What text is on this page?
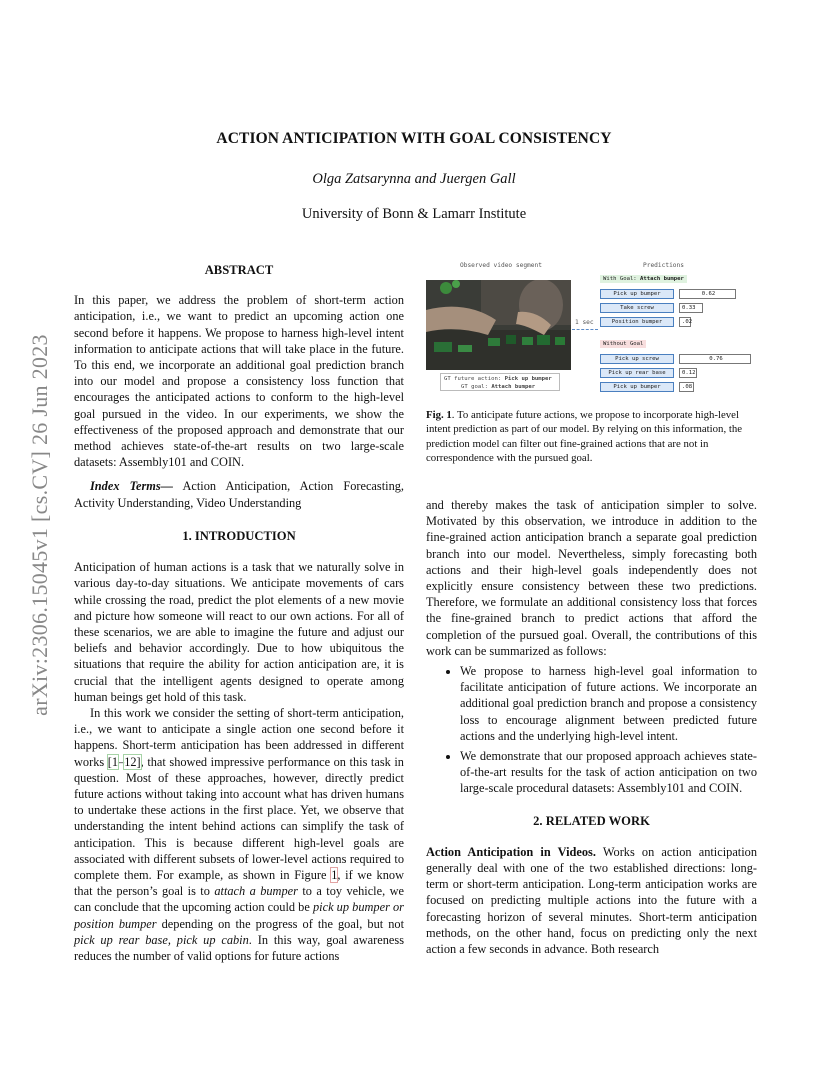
ACTION ANTICIPATION WITH GOAL CONSISTENCY
Olga Zatsarynna and Juergen Gall
University of Bonn & Lamarr Institute
arXiv:2306.15045v1 [cs.CV] 26 Jun 2023
ABSTRACT

In this paper, we address the problem of short-term action anticipation, i.e., we want to predict an upcoming action one second before it happens. We propose to harness high-level intent information to anticipate actions that will take place in the future. To this end, we incorporate an additional goal prediction branch into our model and propose a consistency loss function that encourages the anticipated actions to conform to the high-level goal pursued in the video. In our experiments, we show the effectiveness of the proposed approach and demonstrate that our method achieves state-of-the-art results on two large-scale datasets: Assembly101 and COIN.

Index Terms— Action Anticipation, Action Forecasting, Activity Understanding, Video Understanding

1. INTRODUCTION

Anticipation of human actions is a task that we naturally solve in various day-to-day situations. We anticipate movements of cars while crossing the road, predict the plot elements of a new movie and picture how someone will react to our own actions. For all of these scenarios, we are able to imagine the future and adjust our beliefs and behavior accordingly. Due to how ubiquitous the situations that require the ability for action anticipation are, it is crucial that the intelligent agents designed to operate among human beings get hold of this task.

In this work we consider the setting of short-term anticipation, i.e., we want to anticipate a single action one second before it happens. Short-term anticipation has been addressed in different works [1–12], that showed impressive performance on this task in question. Most of these approaches, however, directly predict future actions without taking into account what has driven humans to undertake these actions in the first place. Yet, we observe that understanding the intent behind actions can simplify the task of anticipation. This is because different high-level goals are associated with different subsets of lower-level actions required to complete them. For example, as shown in Figure 1, if we know that the person’s goal is to attach a bumper to a toy vehicle, we can conclude that the upcoming action could be pick up bumper or position bumper depending on the progress of the goal, but not pick up rear base, pick up cabin. In this way, goal awareness reduces the number of valid options for future actions

Observed video segment	Predictions
1 sec
GT future action: Pick up bumper
GT goal: Attach bumper
With Goal: Attach bumper
Pick up bumper	0.62
Take screw	0.33
Position bumper	.02
Without Goal
Pick up screw	0.76
Pick up rear base	0.12
Pick up bumper	.08
Fig. 1. To anticipate future actions, we propose to incorporate high-level intent prediction as part of our model. By relying on this information, the prediction model can filter out fine-grained actions that are not in correspondence with the pursued goal.

and thereby makes the task of anticipation simpler to solve. Motivated by this observation, we introduce in addition to the fine-grained action anticipation branch a separate goal prediction branch into our model. Nevertheless, simply forecasting both actions and their high-level goals independently does not explicitly ensure consistency between these two predictions. Therefore, we formulate an additional consistency loss that forces the fine-grained branch to predict actions that afford the completion of the pursued goal. Overall, the contributions of this work can be summarized as follows:

• We propose to harness high-level goal information to facilitate anticipation of future actions. We incorporate an additional goal prediction branch and propose a consistency loss to encourage alignment between predicted future actions and the underlying high-level intent.
• We demonstrate that our proposed approach achieves state-of-the-art results for the task of action anticipation on two large-scale procedural datasets: Assembly101 and COIN.
2. RELATED WORK

Action Anticipation in Videos. Works on action anticipation generally deal with one of the two established directions: long-term or short-term anticipation. Long-term anticipation works are focused on predicting multiple actions into the future with a forecasting horizon of several minutes. Short-term anticipation methods, on the other hand, focus on predicting only the next action a few seconds in advance. Both research
